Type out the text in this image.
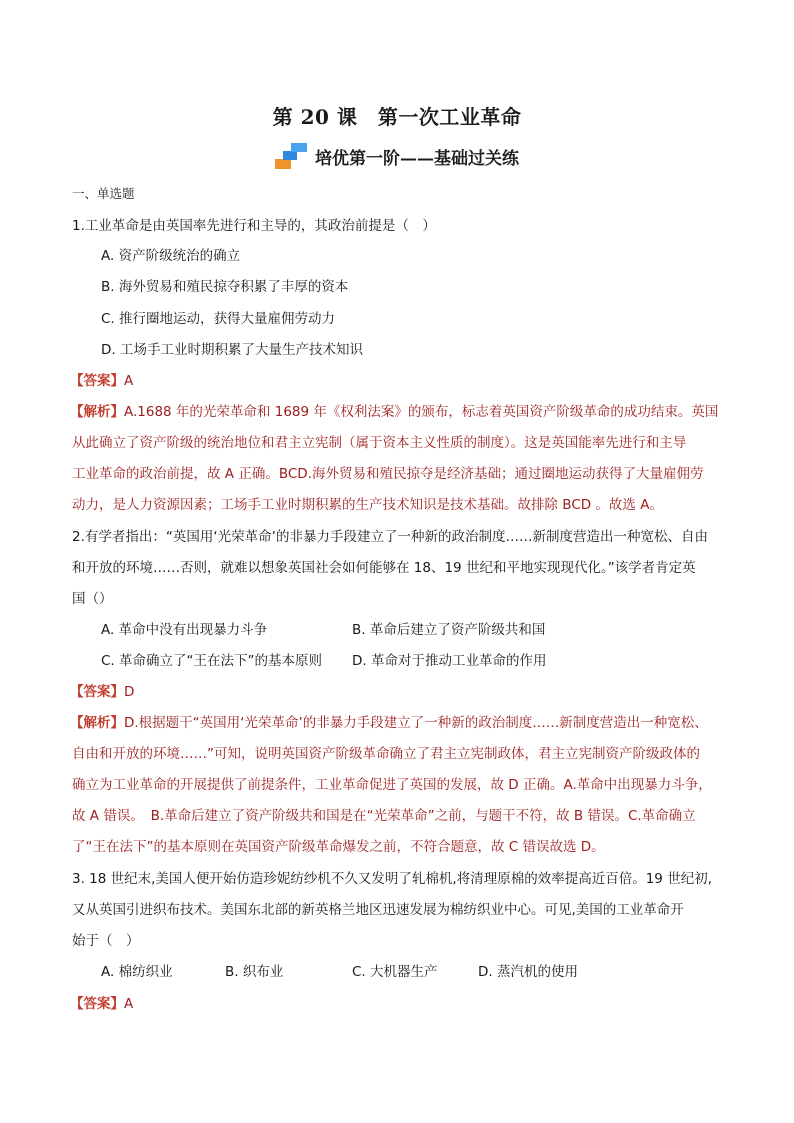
第 20 课　第一次工业革命
培优第一阶——基础过关练
一、单选题
1.工业革命是由英国率先进行和主导的，其政治前提是（　）
A. 资产阶级统治的确立
B. 海外贸易和殖民掠夺积累了丰厚的资本
C. 推行圈地运动，获得大量雇佣劳动力
D. 工场手工业时期积累了大量生产技术知识
【答案】A
【解析】A.1688 年的光荣革命和 1689 年《权利法案》的颁布，标志着英国资产阶级革命的成功结束。英国
从此确立了资产阶级的统治地位和君主立宪制（属于资本主义性质的制度）。这是英国能率先进行和主导
工业革命的政治前提，故 A 正确。BCD.海外贸易和殖民掠夺是经济基础；通过圈地运动获得了大量雇佣劳
动力，是人力资源因素；工场手工业时期积累的生产技术知识是技术基础。故排除 BCD 。故选 A。
2.有学者指出：“英国用‘光荣革命’的非暴力手段建立了一种新的政治制度……新制度营造出一种宽松、自由
和开放的环境……否则，就难以想象英国社会如何能够在 18、19 世纪和平地实现现代化。”该学者肯定英
国（）
A. 革命中没有出现暴力斗争	B. 革命后建立了资产阶级共和国
C. 革命确立了“王在法下”的基本原则 D. 革命对于推动工业革命的作用
【答案】D
【解析】D.根据题干“英国用‘光荣革命’的非暴力手段建立了一种新的政治制度……新制度营造出一种宽松、
自由和开放的环境……”可知，说明英国资产阶级革命确立了君主立宪制政体，君主立宪制资产阶级政体的
确立为工业革命的开展提供了前提条件，工业革命促进了英国的发展，故 D 正确。A.革命中出现暴力斗争，
故 A 错误。　B.革命后建立了资产阶级共和国是在“光荣革命”之前，与题干不符，故 B 错误。C.革命确立
了“王在法下”的基本原则在英国资产阶级革命爆发之前，不符合题意，故 C 错误故选 D。
3. 18 世纪末,美国人便开始仿造珍妮纺纱机不久又发明了轧棉机,将清理原棉的效率提高近百倍。19 世纪初,
又从英国引进织布技术。美国东北部的新英格兰地区迅速发展为棉纺织业中心。可见,美国的工业革命开
始于（　）
A. 棉纺织业	B. 织布业	C. 大机器生产	D. 蒸汽机的使用
【答案】A
